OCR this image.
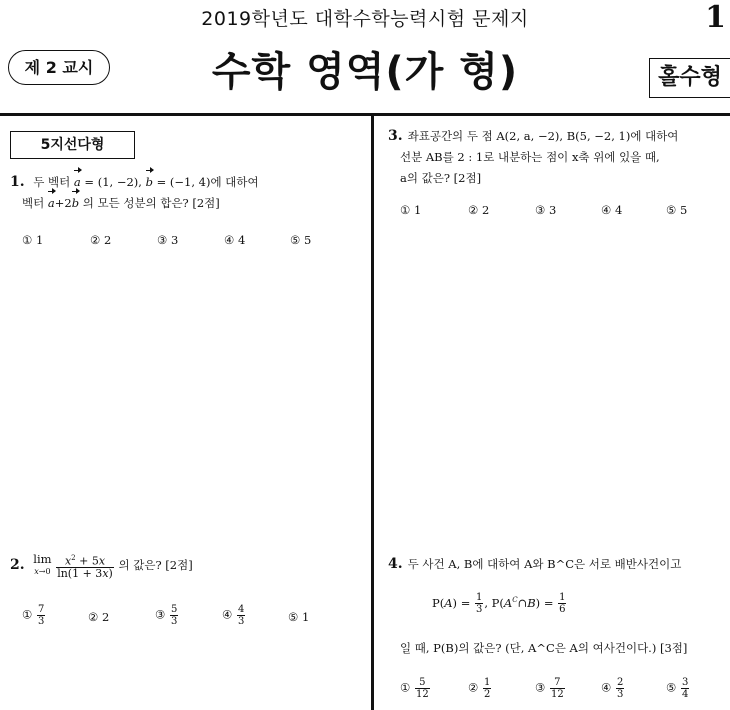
2019학년도 대학수학능력시험 문제지	1
제 2 교시	수학 영역(가 형)	홀수형
5지선다형
1. 두 벡터 a = (1, −2), b = (−1, 4)에 대하여
벡터 a+2b 의 모든 성분의 합은? [2점]
① 1	② 2	③ 3	④ 4	⑤ 5
2. lim
$x\to 0 \frac{x^2 + 5x}{\ln(1 + 3x)}$ 의 값은? [2점]
① $\frac{7}{3}$	② 2	③ $\frac{5}{3}$	④ $\frac{4}{3}$	⑤ 1
3. 좌표공간의 두 점 A(2, a, −2), B(5, −2, 1)에 대하여
선분 AB를 2 : 1로 내분하는 점이 x축 위에 있을 때,
a의 값은? [2점]
① 1	② 2	③ 3	④ 4	⑤ 5
4. 두 사건 A, B에 대하여 A와 B^C은 서로 배반사건이고
$P(A) = \frac{1}{3}$ , $P(A^C\cap B) = \frac{1}{6}$
일 때, P(B)의 값은? (단, A^C은 A의 여사건이다.) [3점]
① $\frac{5}{12}$	② $\frac{1}{2}$	③ $\frac{7}{12}$	④ $\frac{2}{3}$	⑤ $\frac{3}{4}$
